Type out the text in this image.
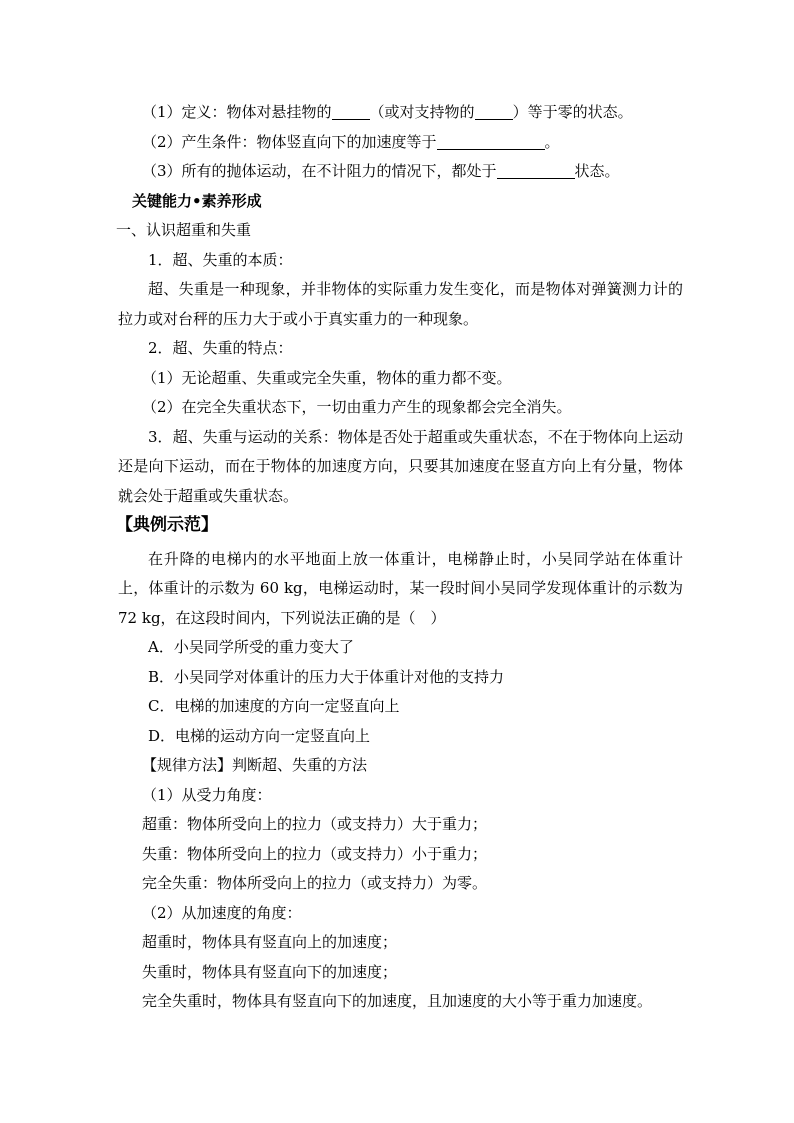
（1）定义：物体对悬挂物的	（或对支持物的	）等于零的状态。
（2）产生条件：物体竖直向下的加速度等于	。
（3）所有的抛体运动，在不计阻力的情况下，都处于	状态。
关键能力•素养形成
一、认识超重和失重
1．超、失重的本质：
超、失重是一种现象，并非物体的实际重力发生变化，而是物体对弹簧测力计的拉力或对台秤的压力大于或小于真实重力的一种现象。
2．超、失重的特点：
（1）无论超重、失重或完全失重，物体的重力都不变。
（2）在完全失重状态下，一切由重力产生的现象都会完全消失。
3．超、失重与运动的关系：物体是否处于超重或失重状态，不在于物体向上运动还是向下运动，而在于物体的加速度方向，只要其加速度在竖直方向上有分量，物体就会处于超重或失重状态。
【典例示范】
在升降的电梯内的水平地面上放一体重计，电梯静止时，小吴同学站在体重计上，体重计的示数为 60 kg，电梯运动时，某一段时间小吴同学发现体重计的示数为 72 kg，在这段时间内，下列说法正确的是（　）
A．小吴同学所受的重力变大了
B．小吴同学对体重计的压力大于体重计对他的支持力
C．电梯的加速度的方向一定竖直向上
D．电梯的运动方向一定竖直向上
【规律方法】判断超、失重的方法
（1）从受力角度：
超重：物体所受向上的拉力（或支持力）大于重力；
失重：物体所受向上的拉力（或支持力）小于重力；
完全失重：物体所受向上的拉力（或支持力）为零。
（2）从加速度的角度：
超重时，物体具有竖直向上的加速度；
失重时，物体具有竖直向下的加速度；
完全失重时，物体具有竖直向下的加速度，且加速度的大小等于重力加速度。
